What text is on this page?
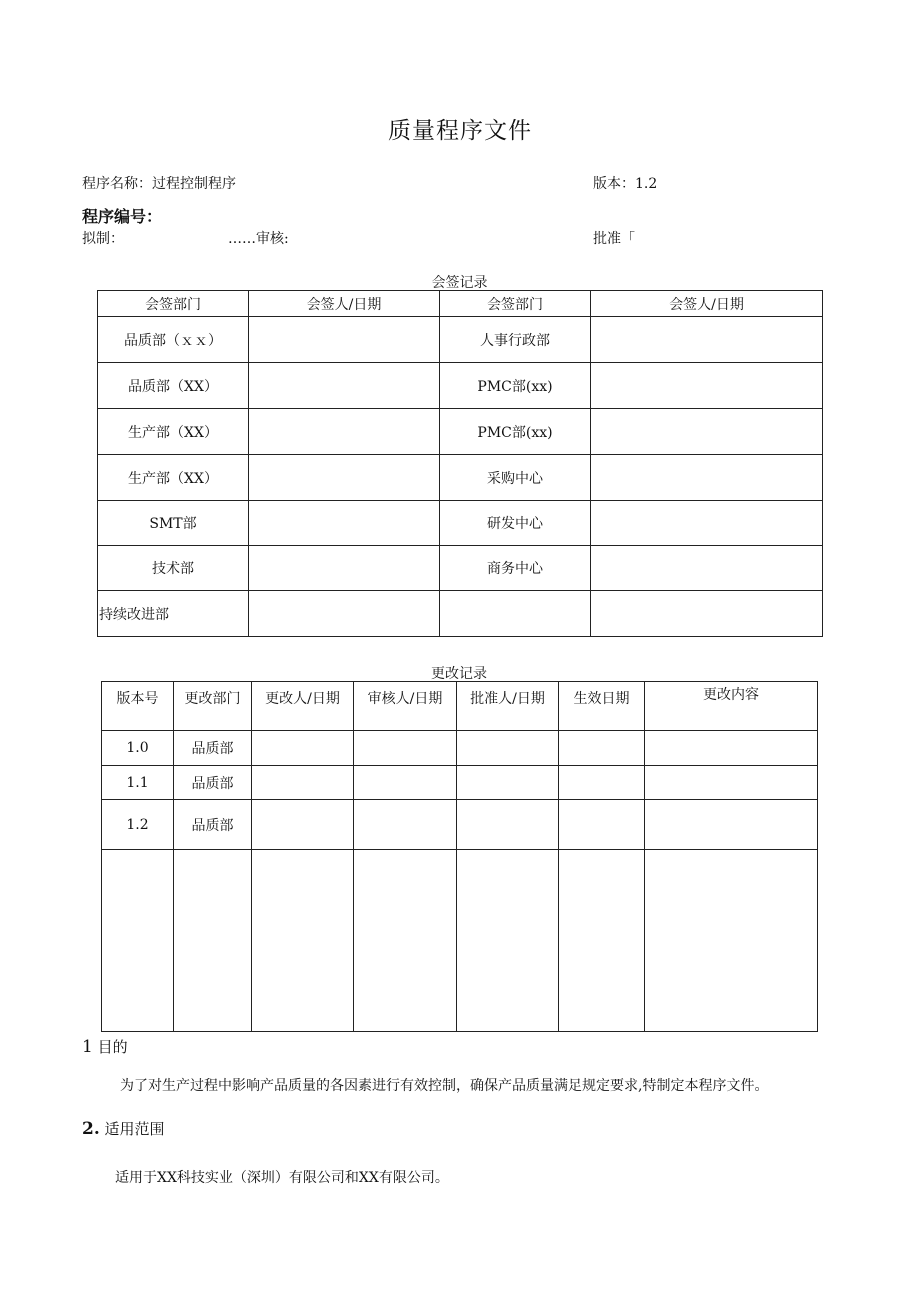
质量程序文件
程序名称：过程控制程序	版本：1.2
程序编号：
拟制：	……审核:	批准「
会签记录
会签部门	会签人/日期	会签部门	会签人/日期
品质部（ｘｘ）		人事行政部	
品质部（XX）		PMC部(xx)	
生产部（XX）		PMC部(xx)	
生产部（XX）		采购中心	
SMT部		研发中心	
技术部		商务中心	
持续改进部			
更改记录
版本号	更改部门	更改人/日期	审核人/日期	批准人/日期	生效日期	更改内容
1.0	品质部					
1.1	品质部					
1.2	品质部					

1 目的
为了对生产过程中影响产品质量的各因素进行有效控制，确保产品质量满足规定要求,特制定本程序文件。
2. 适用范围
适用于XX科技实业（深圳）有限公司和XX有限公司。
